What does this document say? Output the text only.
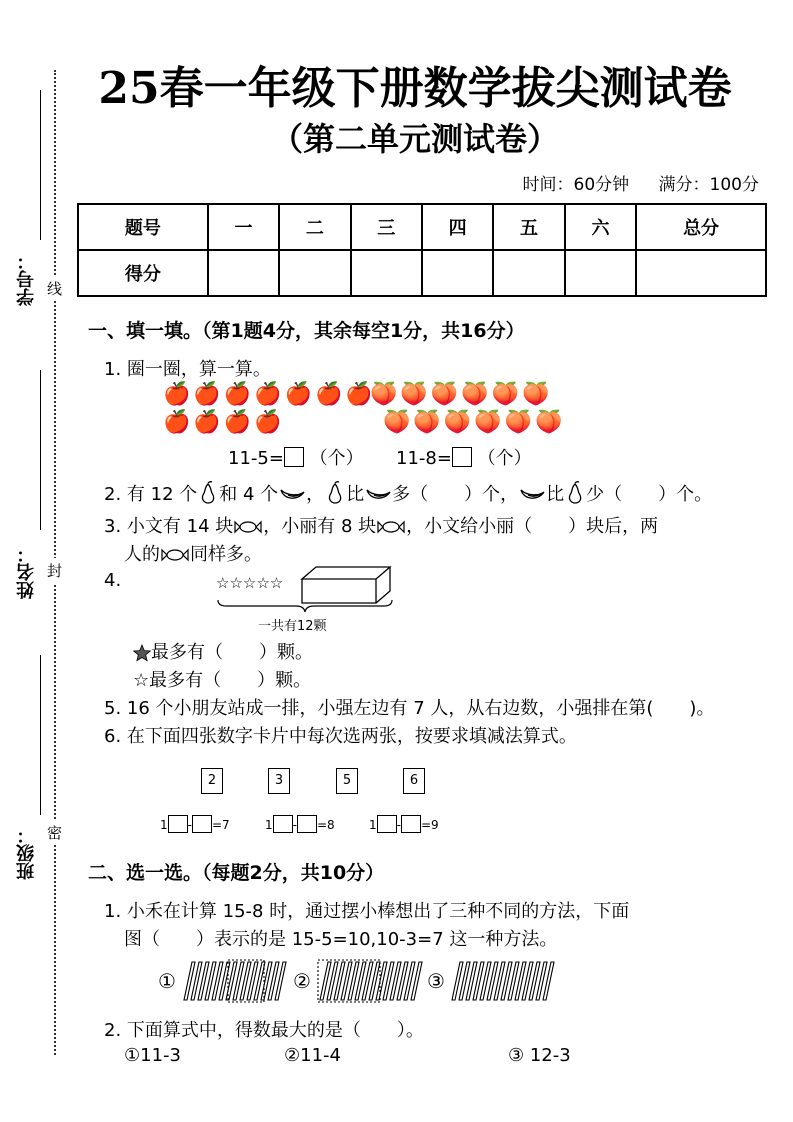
学号： 线
姓名： 封
班级： 密
25春一年级下册数学拔尖测试卷
（第二单元测试卷）
时间：60分钟 满分：100分
题号	一	二	三	四	五	六	总分
得分							
一、填一填。（第1题4分，其余每空1分，共16分）
1. 圈一圈，算一算。
🍎🍎🍎🍎🍎🍎🍎
🍎🍎🍎🍎
🍑🍑🍑🍑🍑🍑
🍑🍑🍑🍑🍑🍑
11-5= （个） 11-8= （个）
2. 有 12 个 和 4 个 ， 比 多（　　）个， 比 少（　　）个。
3. 小文有 14 块 ，小丽有 8 块 ，小文给小丽（　　）块后，两
人的 同样多。
4.	☆☆☆☆☆
一共有12颗
最多有（　　）颗。
☆最多有（　　）颗。
5. 16 个小朋友站成一排，小强左边有 7 人，从右边数，小强排在第(　　)。
6. 在下面四张数字卡片中每次选两张，按要求填减法算式。
2	3	5	6
1 - =7	1 - =8	1 - =9
二、选一选。（每题2分，共10分）
1. 小禾在计算 15-8 时，通过摆小棒想出了三种不同的方法，下面
图（　　）表示的是 15-5=10,10-3=7 这一种方法。
①	②	③
2. 下面算式中，得数最大的是（　　）。
①11-3	②11-4	③ 12-3
